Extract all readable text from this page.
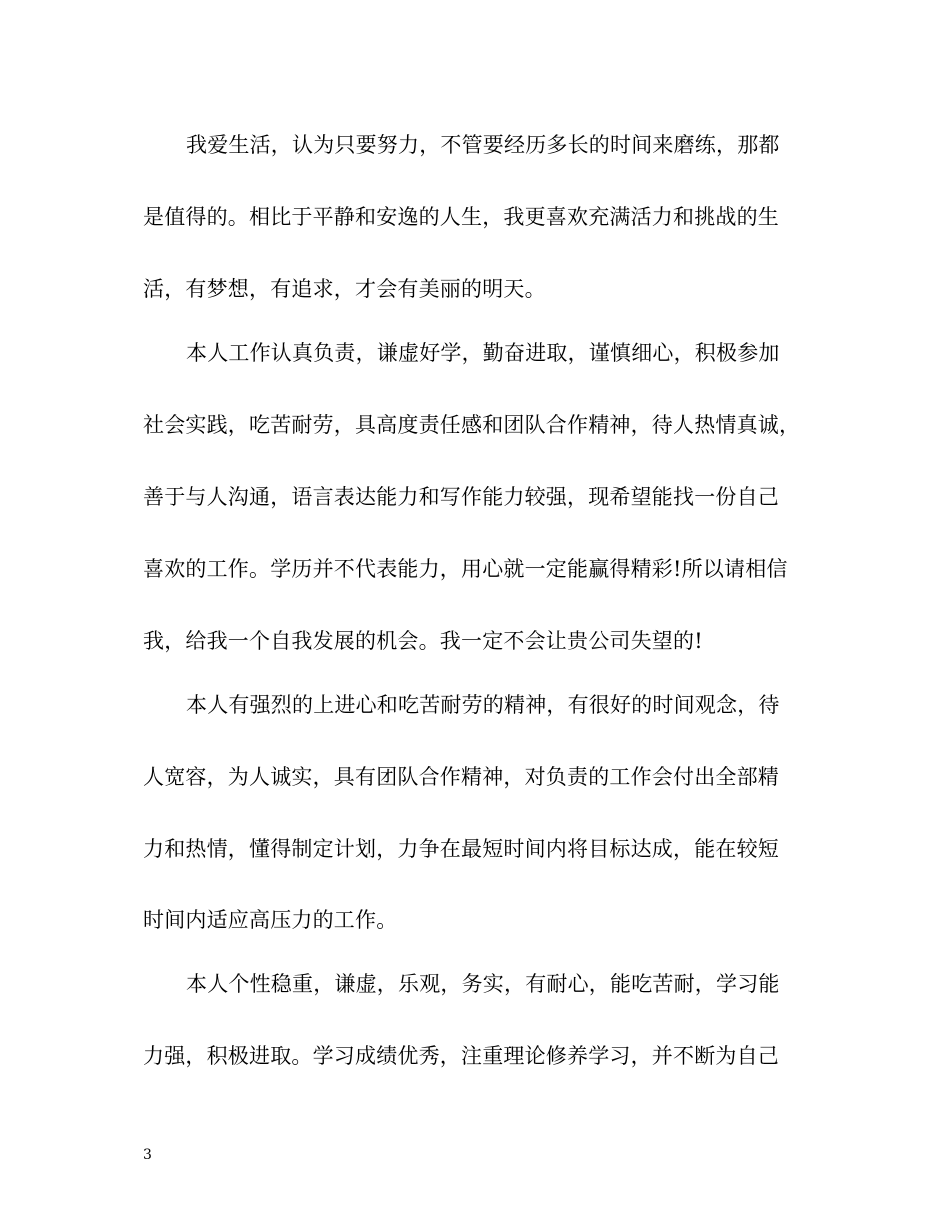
我爱生活，认为只要努力，不管要经历多长的时间来磨练，那都
是值得的。相比于平静和安逸的人生，我更喜欢充满活力和挑战的生
活，有梦想，有追求，才会有美丽的明天。
本人工作认真负责，谦虚好学，勤奋进取，谨慎细心，积极参加
社会实践，吃苦耐劳，具高度责任感和团队合作精神，待人热情真诚，
善于与人沟通，语言表达能力和写作能力较强，现希望能找一份自己
喜欢的工作。学历并不代表能力，用心就一定能赢得精彩!所以请相信
我，给我一个自我发展的机会。我一定不会让贵公司失望的!
本人有强烈的上进心和吃苦耐劳的精神，有很好的时间观念，待
人宽容，为人诚实，具有团队合作精神，对负责的工作会付出全部精
力和热情，懂得制定计划，力争在最短时间内将目标达成，能在较短
时间内适应高压力的工作。
本人个性稳重，谦虚，乐观，务实，有耐心，能吃苦耐，学习能
力强，积极进取。学习成绩优秀，注重理论修养学习，并不断为自己
3
